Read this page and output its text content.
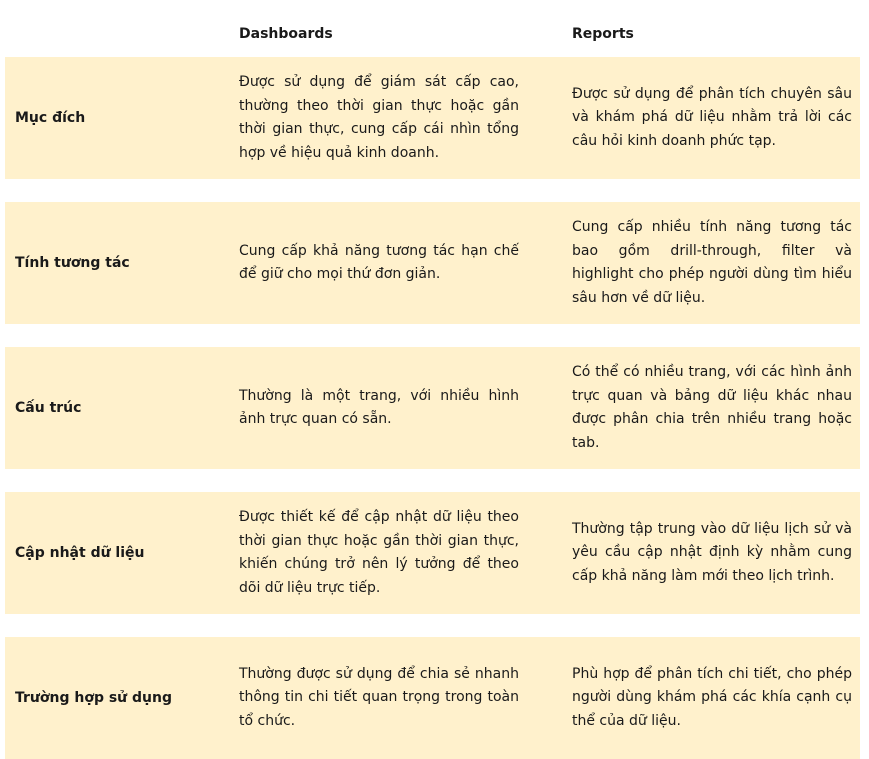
Dashboards	Reports
Mục đích
Được sử dụng để giám sát cấp cao, thường theo thời gian thực hoặc gần thời gian thực, cung cấp cái nhìn tổng hợp về hiệu quả kinh doanh.
Được sử dụng để phân tích chuyên sâu và khám phá dữ liệu nhằm trả lời các câu hỏi kinh doanh phức tạp.
Tính tương tác
Cung cấp khả năng tương tác hạn chế để giữ cho mọi thứ đơn giản.
Cung cấp nhiều tính năng tương tác bao gồm drill-through, filter và highlight cho phép người dùng tìm hiểu sâu hơn về dữ liệu.
Cấu trúc
Thường là một trang, với nhiều hình ảnh trực quan có sẵn.
Có thể có nhiều trang, với các hình ảnh trực quan và bảng dữ liệu khác nhau được phân chia trên nhiều trang hoặc tab.
Cập nhật dữ liệu
Được thiết kế để cập nhật dữ liệu theo thời gian thực hoặc gần thời gian thực, khiến chúng trở nên lý tưởng để theo dõi dữ liệu trực tiếp.
Thường tập trung vào dữ liệu lịch sử và yêu cầu cập nhật định kỳ nhằm cung cấp khả năng làm mới theo lịch trình.
Trường hợp sử dụng
Thường được sử dụng để chia sẻ nhanh thông tin chi tiết quan trọng trong toàn tổ chức.
Phù hợp để phân tích chi tiết, cho phép người dùng khám phá các khía cạnh cụ thể của dữ liệu.
